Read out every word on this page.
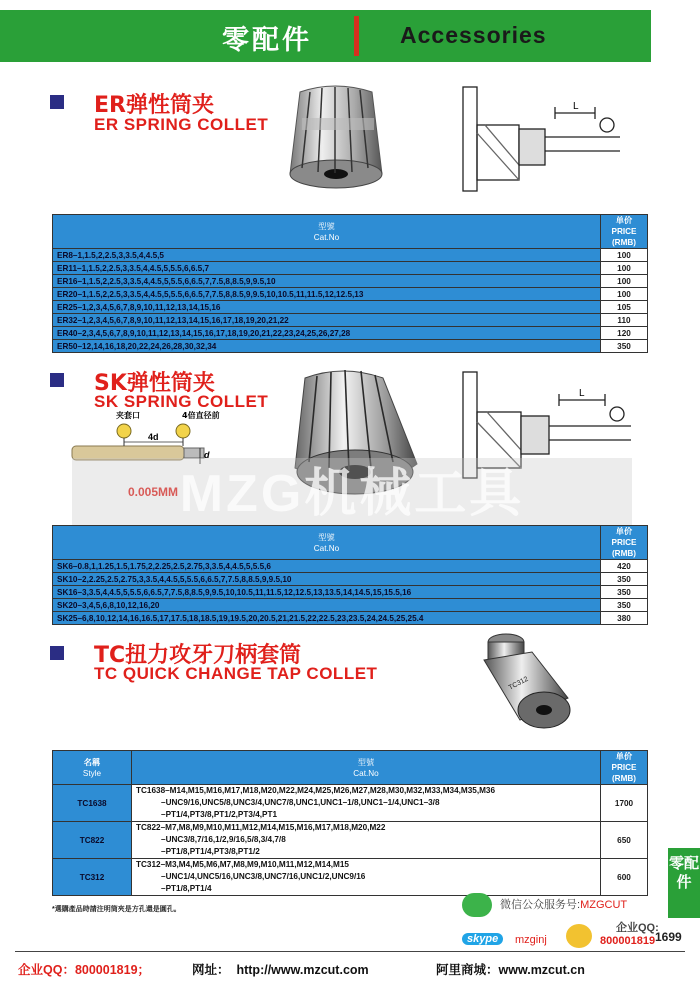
零配件	Accessories
ER弹性筒夹
ER SPRING COLLET
L
型號
Cat.No	单价
PRICE
(RMB)
ER8–1,1.5,2,2.5,3,3.5,4,4.5,5	100
ER11–1,1.5,2,2.5,3,3.5,4,4.5,5,5.5,6,6.5,7	100
ER16–1,1.5,2,2.5,3,3.5,4,4.5,5,5.5,6,6.5,7,7.5,8,8.5,9,9.5,10	100
ER20–1,1.5,2,2.5,3,3.5,4,4.5,5,5.5,6,6.5,7,7.5,8,8.5,9,9.5,10,10.5,11,11.5,12,12.5,13	100
ER25–1,2,3,4,5,6,7,8,9,10,11,12,13,14,15,16	105
ER32–1,2,3,4,5,6,7,8,9,10,11,12,13,14,15,16,17,18,19,20,21,22	110
ER40–2,3,4,5,6,7,8,9,10,11,12,13,14,15,16,17,18,19,20,21,22,23,24,25,26,27,28	120
ER50–12,14,16,18,20,22,24,26,28,30,32,34	350
SK弹性筒夹
SK SPRING COLLET
夹套口	4倍直径前
4d
d
0.005MM
L
MZG机械工具
型號
Cat.No	单价
PRICE
(RMB)
SK6–0.8,1,1.25,1.5,1.75,2,2.25,2.5,2.75,3,3.5,4,4.5,5,5.5,6	420
SK10–2,2.25,2.5,2.75,3,3.5,4,4.5,5,5.5,6,6.5,7,7.5,8,8.5,9,9.5,10	350
SK16–3,3.5,4,4.5,5,5.5,6,6.5,7,7.5,8,8.5,9,9.5,10,10.5,11,11.5,12,12.5,13,13.5,14,14.5,15,15.5,16	350
SK20–3,4,5,6,8,10,12,16,20	350
SK25–6,8,10,12,14,16,16.5,17,17.5,18,18.5,19,19.5,20,20.5,21,21.5,22,22.5,23,23.5,24,24.5,25,25.4	380
TC扭力攻牙刀柄套筒
TC QUICK CHANGE TAP COLLET
TC312
名稱
Style	型號
Cat.No	单价
PRICE
(RMB)
TC1638	TC1638–M14,M15,M16,M17,M18,M20,M22,M24,M25,M26,M27,M28,M30,M32,M33,M34,M35,M36
–UNC9/16,UNC5/8,UNC3/4,UNC7/8,UNC1,UNC1–1/8,UNC1–1/4,UNC1–3/8
–PT1/4,PT3/8,PT1/2,PT3/4,PT1	1700
TC822	TC822–M7,M8,M9,M10,M11,M12,M14,M15,M16,M17,M18,M20,M22
–UNC3/8,7/16,1/2,9/16,5/8,3/4,7/8
–PT1/8,PT1/4,PT3/8,PT1/2	650
TC312	TC312–M3,M4,M5,M6,M7,M8,M9,M10,M11,M12,M14,M15
–UNC1/4,UNC5/16,UNC3/8,UNC7/16,UNC1/2,UNC9/16
–PT1/8,PT1/4	600
*選購產品時請注明筒夾是方孔還是圓孔。	微信公众服务号:MZGCUT
企业QQ:
skype	mzginj	800001819
零配件
1699
企业QQ：800001819；	网址： http://www.mzcut.com	阿里商城：www.mzcut.cn
